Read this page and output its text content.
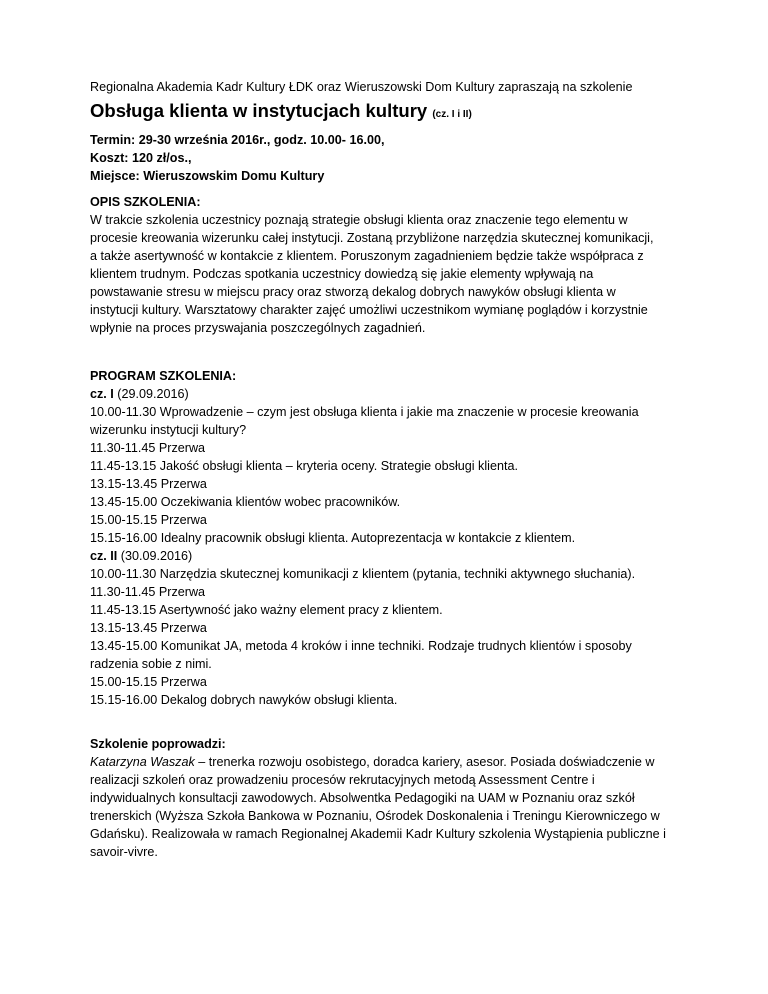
Regionalna Akademia Kadr Kultury ŁDK oraz Wieruszowski Dom Kultury zapraszają na szkolenie

Obsługa klienta w instytucjach kultury (cz. I i II)

Termin: 29-30 września 2016r., godz. 10.00- 16.00,

Koszt: 120 zł/os.,

Miejsce: Wieruszowskim Domu Kultury

OPIS SZKOLENIA:

W trakcie szkolenia uczestnicy poznają strategie obsługi klienta oraz znaczenie tego elementu w

procesie kreowania wizerunku całej instytucji. Zostaną przybliżone narzędzia skutecznej komunikacji,

a także asertywność w kontakcie z klientem. Poruszonym zagadnieniem będzie także współpraca z

klientem trudnym. Podczas spotkania uczestnicy dowiedzą się jakie elementy wpływają na

powstawanie stresu w miejscu pracy oraz stworzą dekalog dobrych nawyków obsługi klienta w

instytucji kultury. Warsztatowy charakter zajęć umożliwi uczestnikom wymianę poglądów i korzystnie

wpłynie na proces przyswajania poszczególnych zagadnień.

PROGRAM SZKOLENIA:

cz. I (29.09.2016)

10.00-11.30 Wprowadzenie – czym jest obsługa klienta i jakie ma znaczenie w procesie kreowania

wizerunku instytucji kultury?

11.30-11.45 Przerwa

11.45-13.15 Jakość obsługi klienta – kryteria oceny. Strategie obsługi klienta.

13.15-13.45 Przerwa

13.45-15.00 Oczekiwania klientów wobec pracowników.

15.00-15.15 Przerwa

15.15-16.00 Idealny pracownik obsługi klienta. Autoprezentacja w kontakcie z klientem.

cz. II (30.09.2016)

10.00-11.30 Narzędzia skutecznej komunikacji z klientem (pytania, techniki aktywnego słuchania).

11.30-11.45 Przerwa

11.45-13.15 Asertywność jako ważny element pracy z klientem.

13.15-13.45 Przerwa

13.45-15.00 Komunikat JA, metoda 4 kroków i inne techniki. Rodzaje trudnych klientów i sposoby

radzenia sobie z nimi.

15.00-15.15 Przerwa

15.15-16.00 Dekalog dobrych nawyków obsługi klienta.

Szkolenie poprowadzi:

Katarzyna Waszak – trenerka rozwoju osobistego, doradca kariery, asesor. Posiada doświadczenie w

realizacji szkoleń oraz prowadzeniu procesów rekrutacyjnych metodą Assessment Centre i

indywidualnych konsultacji zawodowych. Absolwentka Pedagogiki na UAM w Poznaniu oraz szkół

trenerskich (Wyższa Szkoła Bankowa w Poznaniu, Ośrodek Doskonalenia i Treningu Kierowniczego w

Gdańsku). Realizowała w ramach Regionalnej Akademii Kadr Kultury szkolenia Wystąpienia publiczne i

savoir-vivre.
